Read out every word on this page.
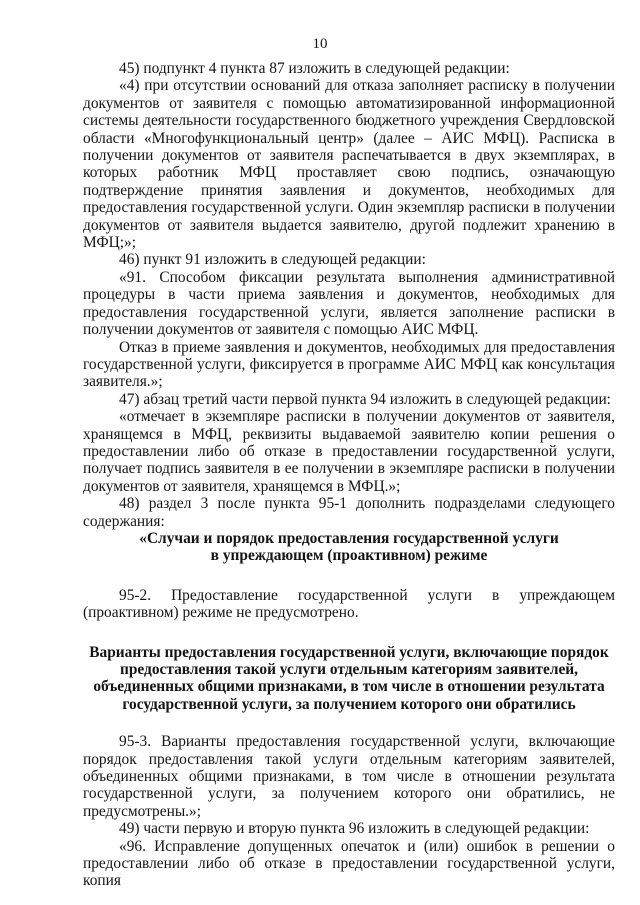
10

45) подпункт 4 пункта 87 изложить в следующей редакции:

«4) при отсутствии оснований для отказа заполняет расписку в получении документов от заявителя с помощью автоматизированной информационной системы деятельности государственного бюджетного учреждения Свердловской области «Многофункциональный центр» (далее – АИС МФЦ). Расписка в получении документов от заявителя распечатывается в двух экземплярах, в которых работник МФЦ проставляет свою подпись, означающую подтверждение принятия заявления и документов, необходимых для предоставления государственной услуги. Один экземпляр расписки в получении документов от заявителя выдается заявителю, другой подлежит хранению в МФЦ;»;

46) пункт 91 изложить в следующей редакции:

«91. Способом фиксации результата выполнения административной процедуры в части приема заявления и документов, необходимых для предоставления государственной услуги, является заполнение расписки в получении документов от заявителя с помощью АИС МФЦ.

Отказ в приеме заявления и документов, необходимых для предоставления государственной услуги, фиксируется в программе АИС МФЦ как консультация заявителя.»;

47) абзац третий части первой пункта 94 изложить в следующей редакции:

«отмечает в экземпляре расписки в получении документов от заявителя, хранящемся в МФЦ, реквизиты выдаваемой заявителю копии решения о предоставлении либо об отказе в предоставлении государственной услуги, получает подпись заявителя в ее получении в экземпляре расписки в получении документов от заявителя, хранящемся в МФЦ.»;

48) раздел 3 после пункта 95-1 дополнить подразделами следующего содержания:

«Случаи и порядок предоставления государственной услуги
в упреждающем (проактивном) режиме

95-2. Предоставление государственной услуги в упреждающем (проактивном) режиме не предусмотрено.

Варианты предоставления государственной услуги, включающие порядок
предоставления такой услуги отдельным категориям заявителей,
объединенных общими признаками, в том числе в отношении результата
государственной услуги, за получением которого они обратились

95-3. Варианты предоставления государственной услуги, включающие порядок предоставления такой услуги отдельным категориям заявителей, объединенных общими признаками, в том числе в отношении результата государственной услуги, за получением которого они обратились, не предусмотрены.»;

49) части первую и вторую пункта 96 изложить в следующей редакции:

«96. Исправление допущенных опечаток и (или) ошибок в решении о предоставлении либо об отказе в предоставлении государственной услуги, копия
